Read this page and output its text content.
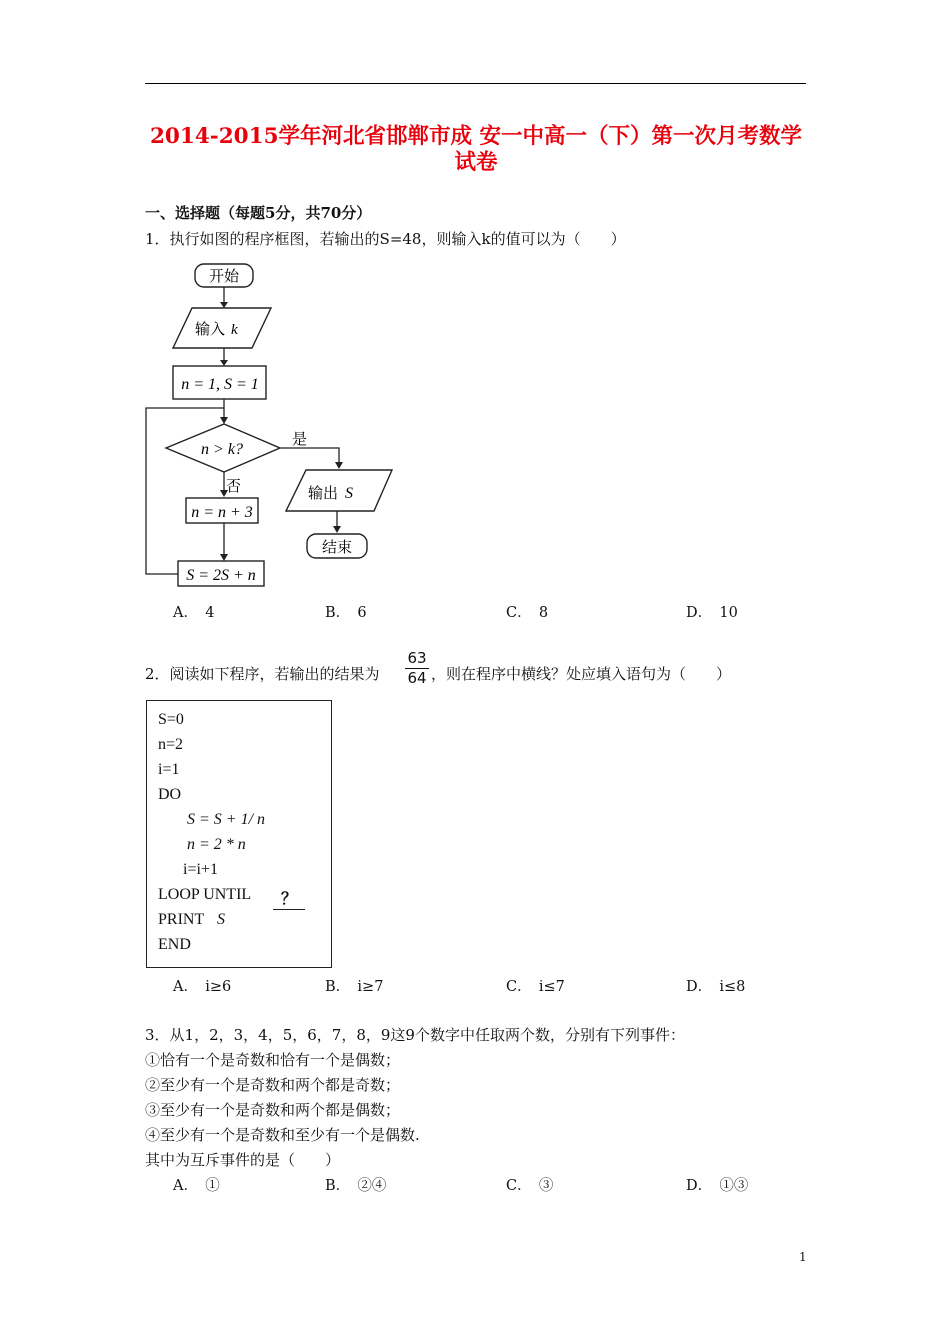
2014-2015学年河北省邯郸市成 安一中高一（下）第一次月考数学试卷
一、选择题（每题5分，共70分）
1．执行如图的程序框图，若输出的S=48，则输入k的值可以为（　　）
开始
输入 k
n = 1, S = 1
n > k?
是
输出 S
结束
否
n = n + 3
S = 2S + n
A．　4	B．　6	C．　8	D．　10
2．阅读如下程序，若输出的结果为
63
64 ，则在程序中横线？处应填入语句为（　　）
S=0
n=2
i=1
DO
S = S + 1/ n
n = 2 * n
i=i+1
LOOP UNTIL	？
PRINT S
END
A．　i≥6	B．　i≥7	C．　i≤7	D．　i≤8
3．从1，2，3，4，5，6，7，8，9这9个数字中任取两个数，分别有下列事件：
①恰有一个是奇数和恰有一个是偶数；
②至少有一个是奇数和两个都是奇数；
③至少有一个是奇数和两个都是偶数；
④至少有一个是奇数和至少有一个是偶数.
其中为互斥事件的是（　　）
A．　①	B．　②④	C．　③	D．　①③
1
